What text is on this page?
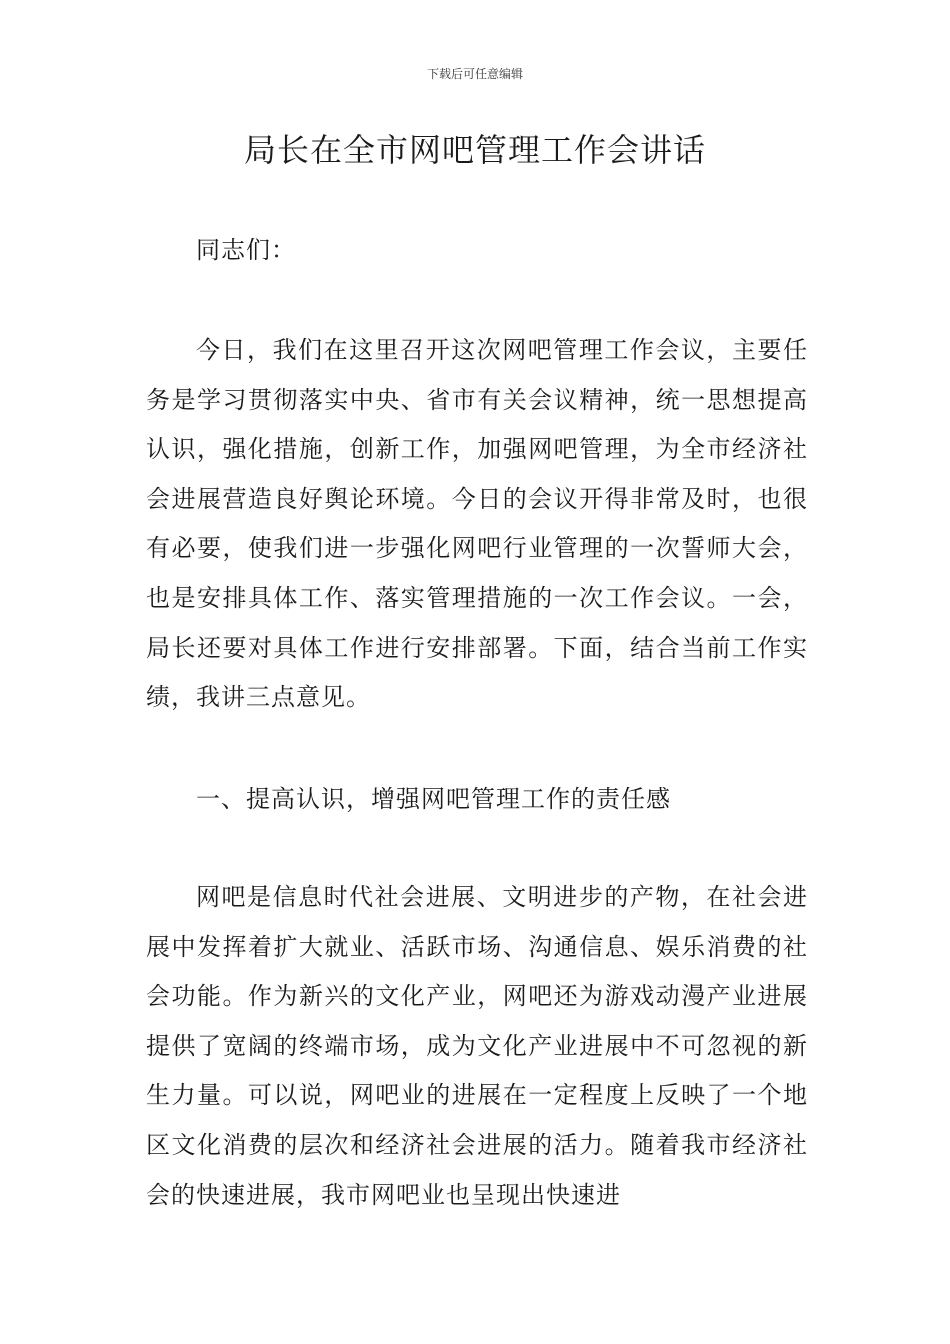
下载后可任意编辑
局长在全市网吧管理工作会讲话

同志们：

今日，我们在这里召开这次网吧管理工作会议，主要任务是学习贯彻落实中央、省市有关会议精神，统一思想提高认识，强化措施，创新工作，加强网吧管理，为全市经济社会进展营造良好舆论环境。今日的会议开得非常及时，也很有必要，使我们进一步强化网吧行业管理的一次誓师大会，也是安排具体工作、落实管理措施的一次工作会议。一会，局长还要对具体工作进行安排部署。下面，结合当前工作实绩，我讲三点意见。

一、提高认识，增强网吧管理工作的责任感

网吧是信息时代社会进展、文明进步的产物，在社会进展中发挥着扩大就业、活跃市场、沟通信息、娱乐消费的社会功能。作为新兴的文化产业，网吧还为游戏动漫产业进展提供了宽阔的终端市场，成为文化产业进展中不可忽视的新生力量。可以说，网吧业的进展在一定程度上反映了一个地区文化消费的层次和经济社会进展的活力。随着我市经济社会的快速进展，我市网吧业也呈现出快速进
